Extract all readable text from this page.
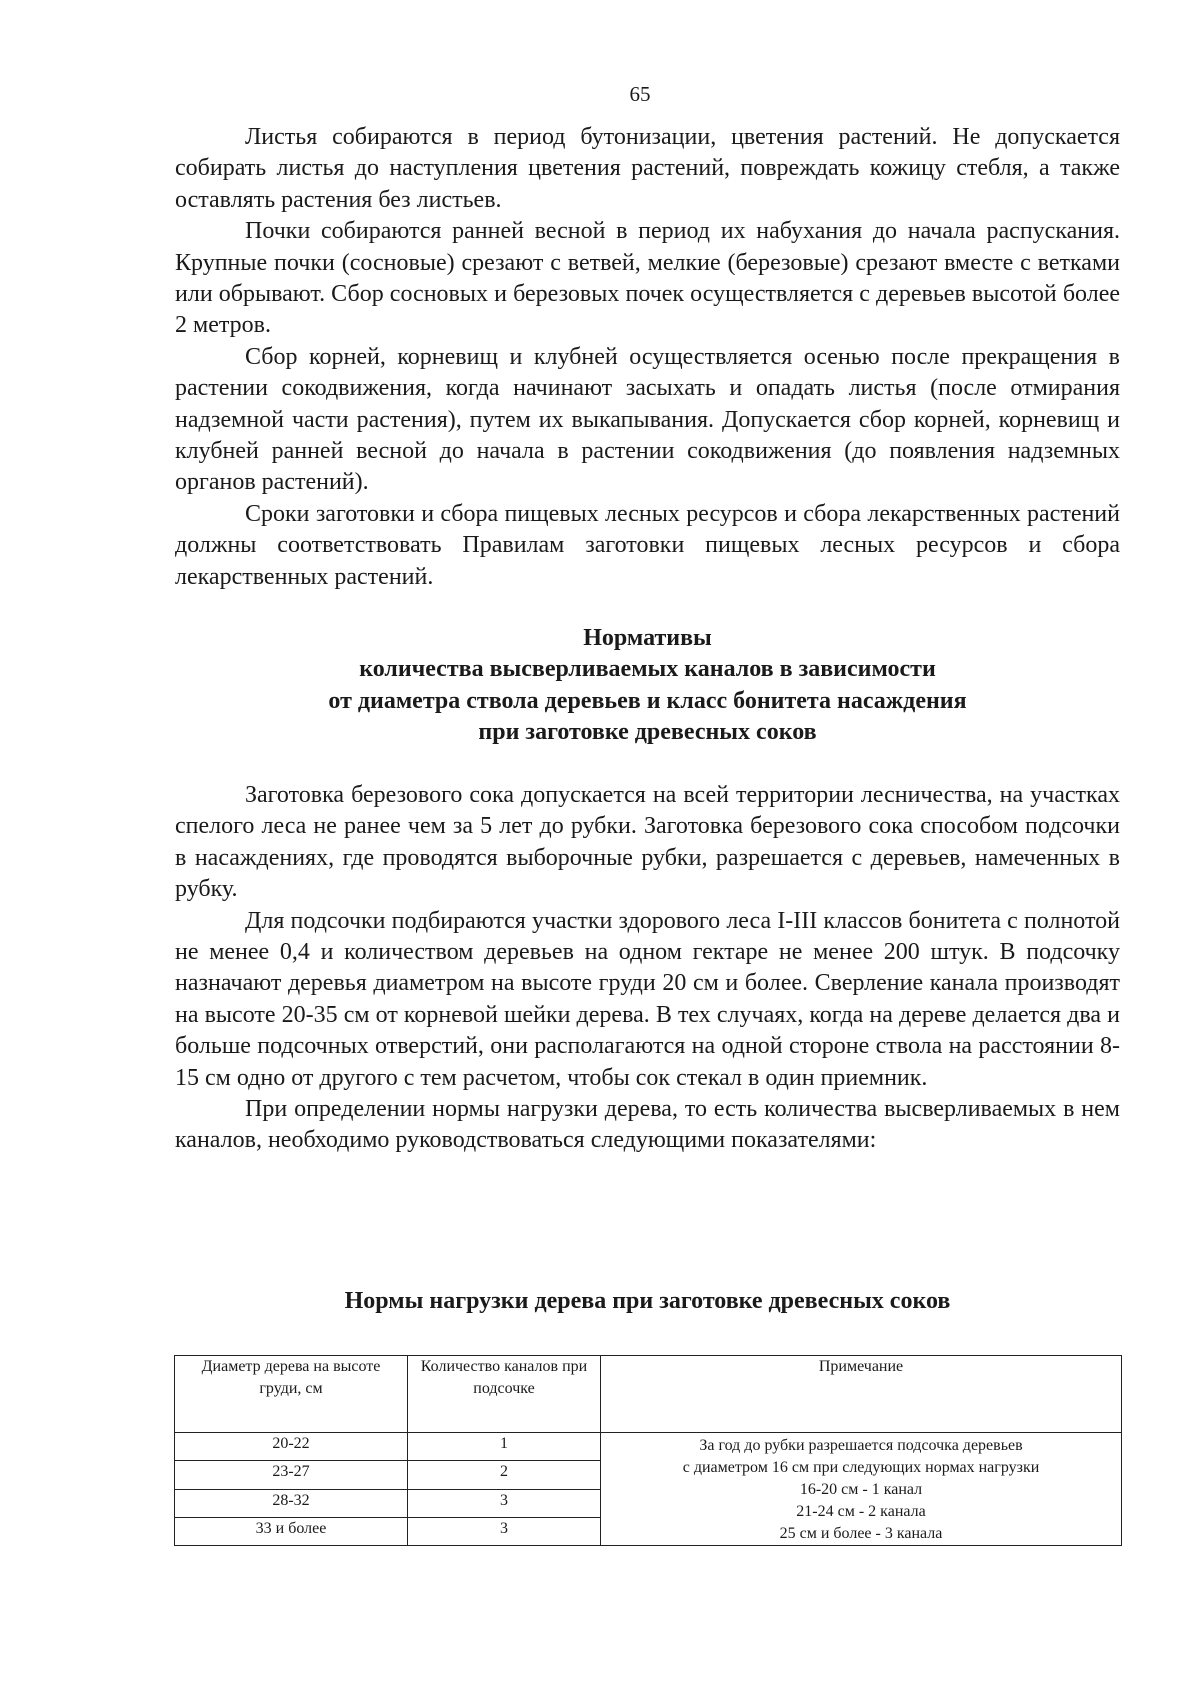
65

Листья собираются в период бутонизации, цветения растений. Не допускается собирать листья до наступления цветения растений, повреждать кожицу стебля, а также оставлять растения без листьев.

Почки собираются ранней весной в период их набухания до начала распускания. Крупные почки (сосновые) срезают с ветвей, мелкие (березовые) срезают вместе с ветками или обрывают. Сбор сосновых и березовых почек осуществляется с деревьев высотой более 2 метров.

Сбор корней, корневищ и клубней осуществляется осенью после прекращения в растении сокодвижения, когда начинают засыхать и опадать листья (после отмирания надземной части растения), путем их выкапывания. Допускается сбор корней, корневищ и клубней ранней весной до начала в растении сокодвижения (до появления надземных органов растений).

Сроки заготовки и сбора пищевых лесных ресурсов и сбора лекарственных растений должны соответствовать Правилам заготовки пищевых лесных ресурсов и сбора лекарственных растений.

Нормативы
количества высверливаемых каналов в зависимости
от диаметра ствола деревьев и класс бонитета насаждения
при заготовке древесных соков

Заготовка березового сока допускается на всей территории лесничества, на участках спелого леса не ранее чем за 5 лет до рубки. Заготовка березового сока способом подсочки в насаждениях, где проводятся выборочные рубки, разрешается с деревьев, намеченных в рубку.

Для подсочки подбираются участки здорового леса I-III классов бонитета с полнотой не менее 0,4 и количеством деревьев на одном гектаре не менее 200 штук. В подсочку назначают деревья диаметром на высоте груди 20 см и более. Сверление канала производят на высоте 20-35 см от корневой шейки дерева. В тех случаях, когда на дереве делается два и больше подсочных отверстий, они располагаются на одной стороне ствола на расстоянии 8-15 см одно от другого с тем расчетом, чтобы сок стекал в один приемник.

При определении нормы нагрузки дерева, то есть количества высверливаемых в нем каналов, необходимо руководствоваться следующими показателями:

Нормы нагрузки дерева при заготовке древесных соков
Диаметр дерева на высоте груди, см	Количество каналов при подсочке	Примечание
20-22	1	За год до рубки разрешается подсочка деревьев
с диаметром 16 см при следующих нормах нагрузки
16-20 см - 1 канал
21-24 см - 2 канала
25 см и более - 3 канала

23-27	2	
28-32	3	
33 и более	3	
